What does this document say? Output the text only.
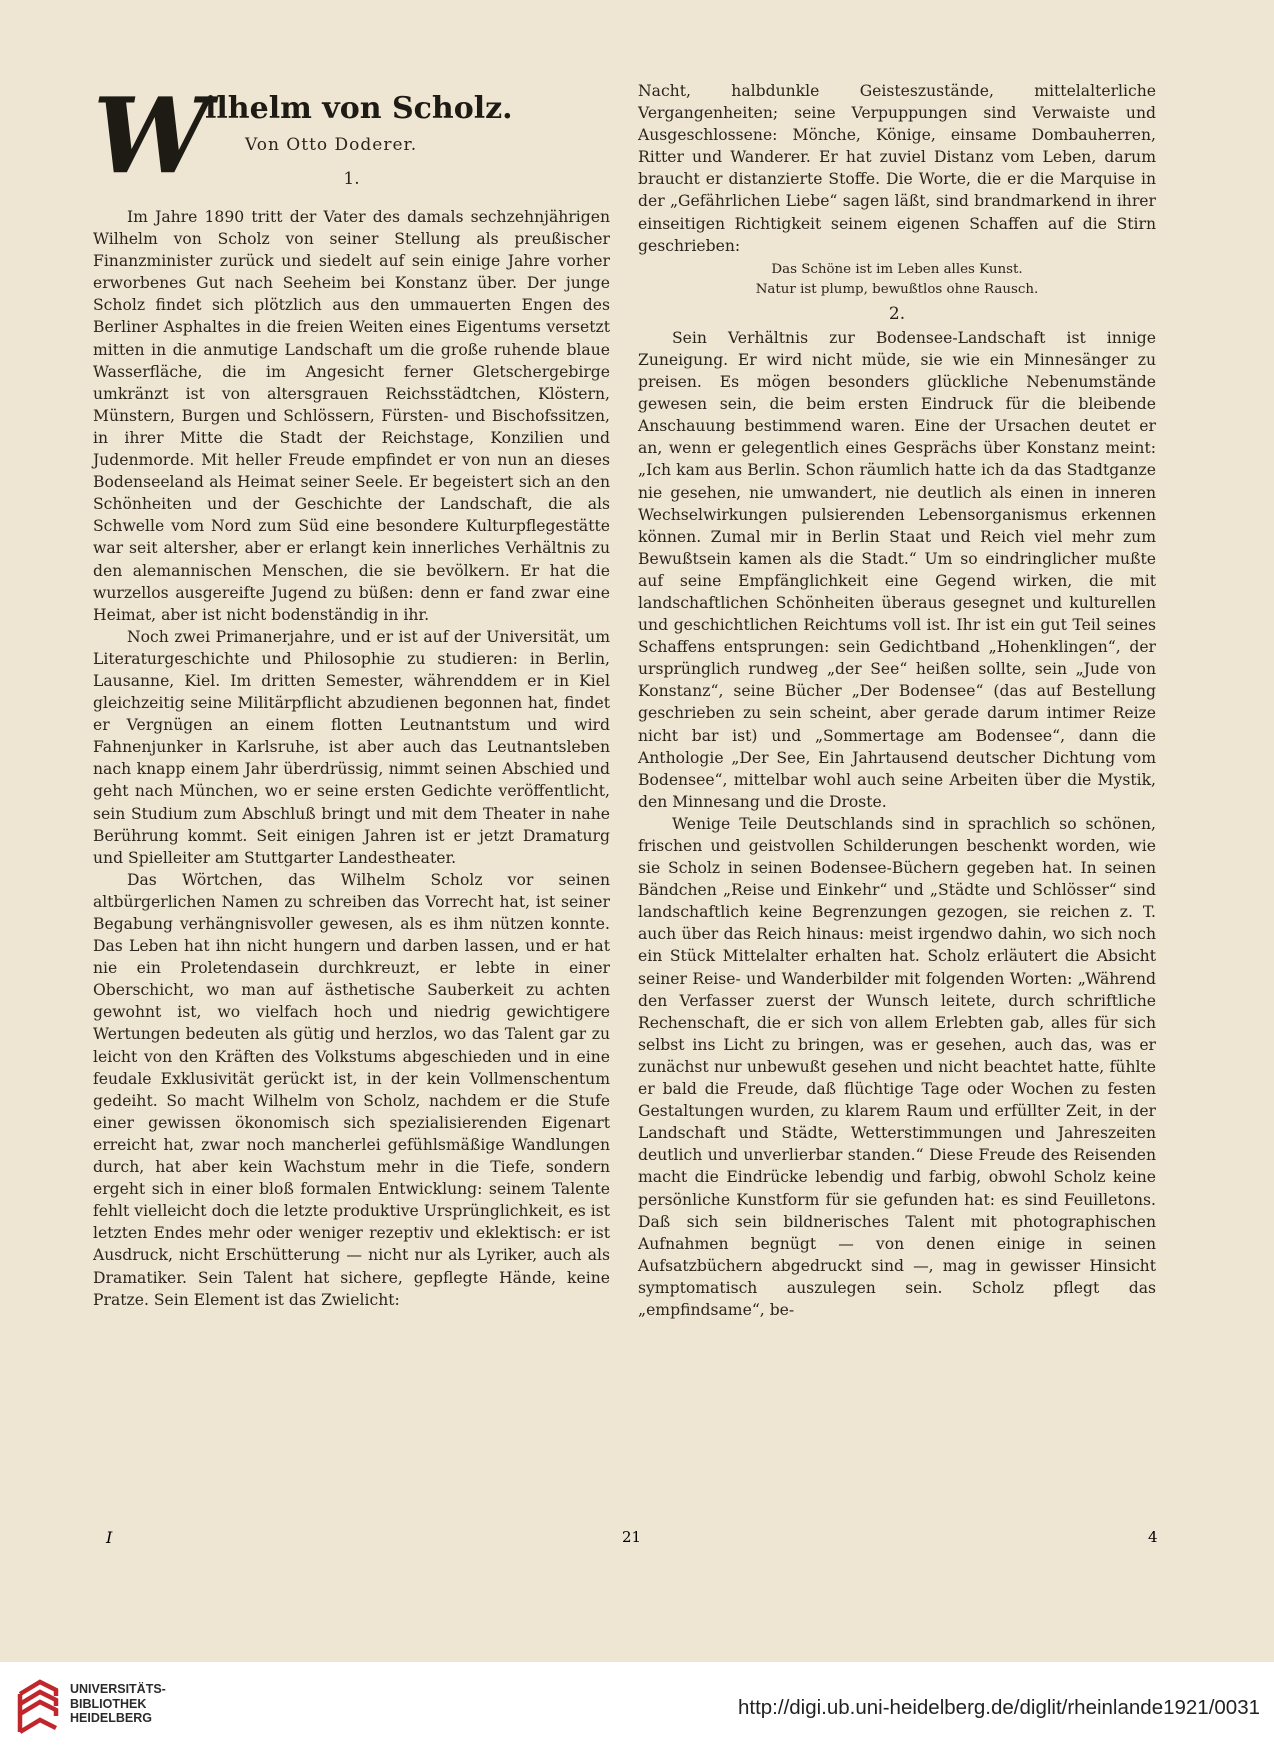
W
ilhelm von Scholz.
Von Otto Doderer.
1.

Im Jahre 1890 tritt der Vater des damals sechzehnjährigen Wilhelm von Scholz von seiner Stellung als preußischer Finanzminister zurück und siedelt auf sein einige Jahre vorher erworbenes Gut nach Seeheim bei Konstanz über. Der junge Scholz findet sich plötzlich aus den ummauerten Engen des Berliner Asphaltes in die freien Weiten eines Eigentums versetzt mitten in die anmutige Landschaft um die große ruhende blaue Wasserfläche, die im Angesicht ferner Gletschergebirge umkränzt ist von altersgrauen Reichsstädtchen, Klöstern, Münstern, Burgen und Schlössern, Fürsten- und Bischofssitzen, in ihrer Mitte die Stadt der Reichstage, Konzilien und Judenmorde. Mit heller Freude empfindet er von nun an dieses Bodenseeland als Heimat seiner Seele. Er begeistert sich an den Schönheiten und der Geschichte der Landschaft, die als Schwelle vom Nord zum Süd eine besondere Kulturpflegestätte war seit altersher, aber er erlangt kein innerliches Verhältnis zu den alemannischen Menschen, die sie bevölkern. Er hat die wurzellos ausgereifte Jugend zu büßen: denn er fand zwar eine Heimat, aber ist nicht bodenständig in ihr.

Noch zwei Primanerjahre, und er ist auf der Universität, um Literaturgeschichte und Philosophie zu studieren: in Berlin, Lausanne, Kiel. Im dritten Semester, währenddem er in Kiel gleichzeitig seine Militärpflicht abzudienen begonnen hat, findet er Vergnügen an einem flotten Leutnantstum und wird Fahnenjunker in Karlsruhe, ist aber auch das Leutnantsleben nach knapp einem Jahr überdrüssig, nimmt seinen Abschied und geht nach München, wo er seine ersten Gedichte veröffentlicht, sein Studium zum Abschluß bringt und mit dem Theater in nahe Berührung kommt. Seit einigen Jahren ist er jetzt Dramaturg und Spielleiter am Stuttgarter Landestheater.

Das Wörtchen, das Wilhelm Scholz vor seinen altbürgerlichen Namen zu schreiben das Vorrecht hat, ist seiner Begabung verhängnisvoller gewesen, als es ihm nützen konnte. Das Leben hat ihn nicht hungern und darben lassen, und er hat nie ein Proletendasein durchkreuzt, er lebte in einer Oberschicht, wo man auf ästhetische Sauberkeit zu achten gewohnt ist, wo vielfach hoch und niedrig gewichtigere Wertungen bedeuten als gütig und herzlos, wo das Talent gar zu leicht von den Kräften des Volkstums abgeschieden und in eine feudale Exklusivität gerückt ist, in der kein Vollmenschentum gedeiht. So macht Wilhelm von Scholz, nachdem er die Stufe einer gewissen ökonomisch sich spezialisierenden Eigenart erreicht hat, zwar noch mancherlei gefühlsmäßige Wandlungen durch, hat aber kein Wachstum mehr in die Tiefe, sondern ergeht sich in einer bloß formalen Entwicklung: seinem Talente fehlt vielleicht doch die letzte produktive Ursprünglichkeit, es ist letzten Endes mehr oder weniger rezeptiv und eklektisch: er ist Ausdruck, nicht Erschütterung — nicht nur als Lyriker, auch als Dramatiker. Sein Talent hat sichere, gepflegte Hände, keine Pratze. Sein Element ist das Zwielicht:

Nacht, halbdunkle Geisteszustände, mittelalterliche Vergangenheiten; seine Verpuppungen sind Verwaiste und Ausgeschlossene: Mönche, Könige, einsame Dombauherren, Ritter und Wanderer. Er hat zuviel Distanz vom Leben, darum braucht er distanzierte Stoffe. Die Worte, die er die Marquise in der „Gefährlichen Liebe“ sagen läßt, sind brandmarkend in ihrer einseitigen Richtigkeit seinem eigenen Schaffen auf die Stirn geschrieben:

Das Schöne ist im Leben alles Kunst.
Natur ist plump, bewußtlos ohne Rausch.
2.

Sein Verhältnis zur Bodensee-Landschaft ist innige Zuneigung. Er wird nicht müde, sie wie ein Minnesänger zu preisen. Es mögen besonders glückliche Nebenumstände gewesen sein, die beim ersten Eindruck für die bleibende Anschauung bestimmend waren. Eine der Ursachen deutet er an, wenn er gelegentlich eines Gesprächs über Konstanz meint: „Ich kam aus Berlin. Schon räumlich hatte ich da das Stadtganze nie gesehen, nie umwandert, nie deutlich als einen in inneren Wechselwirkungen pulsierenden Lebensorganismus erkennen können. Zumal mir in Berlin Staat und Reich viel mehr zum Bewußtsein kamen als die Stadt.“ Um so eindringlicher mußte auf seine Empfänglichkeit eine Gegend wirken, die mit landschaftlichen Schönheiten überaus gesegnet und kulturellen und geschichtlichen Reichtums voll ist. Ihr ist ein gut Teil seines Schaffens entsprungen: sein Gedichtband „Hohenklingen“, der ursprünglich rundweg „der See“ heißen sollte, sein „Jude von Konstanz“, seine Bücher „Der Bodensee“ (das auf Bestellung geschrieben zu sein scheint, aber gerade darum intimer Reize nicht bar ist) und „Sommertage am Bodensee“, dann die Anthologie „Der See, Ein Jahrtausend deutscher Dichtung vom Bodensee“, mittelbar wohl auch seine Arbeiten über die Mystik, den Minnesang und die Droste.

Wenige Teile Deutschlands sind in sprachlich so schönen, frischen und geistvollen Schilderungen beschenkt worden, wie sie Scholz in seinen Bodensee-Büchern gegeben hat. In seinen Bändchen „Reise und Einkehr“ und „Städte und Schlösser“ sind landschaftlich keine Begrenzungen gezogen, sie reichen z. T. auch über das Reich hinaus: meist irgendwo dahin, wo sich noch ein Stück Mittelalter erhalten hat. Scholz erläutert die Absicht seiner Reise- und Wanderbilder mit folgenden Worten: „Während den Verfasser zuerst der Wunsch leitete, durch schriftliche Rechenschaft, die er sich von allem Erlebten gab, alles für sich selbst ins Licht zu bringen, was er gesehen, auch das, was er zunächst nur unbewußt gesehen und nicht beachtet hatte, fühlte er bald die Freude, daß flüchtige Tage oder Wochen zu festen Gestaltungen wurden, zu klarem Raum und erfüllter Zeit, in der Landschaft und Städte, Wetterstimmungen und Jahreszeiten deutlich und unverlierbar standen.“ Diese Freude des Reisenden macht die Eindrücke lebendig und farbig, obwohl Scholz keine persönliche Kunstform für sie gefunden hat: es sind Feuilletons. Daß sich sein bildnerisches Talent mit photographischen Aufnahmen begnügt — von denen einige in seinen Aufsatzbüchern abgedruckt sind —, mag in gewisser Hinsicht symptomatisch auszulegen sein. Scholz pflegt das „empfindsame“, be-

I	21	4
UNIVERSITÄTS-
BIBLIOTHEK
HEIDELBERG	http://digi.ub.uni-heidelberg.de/diglit/rheinlande1921/0031
